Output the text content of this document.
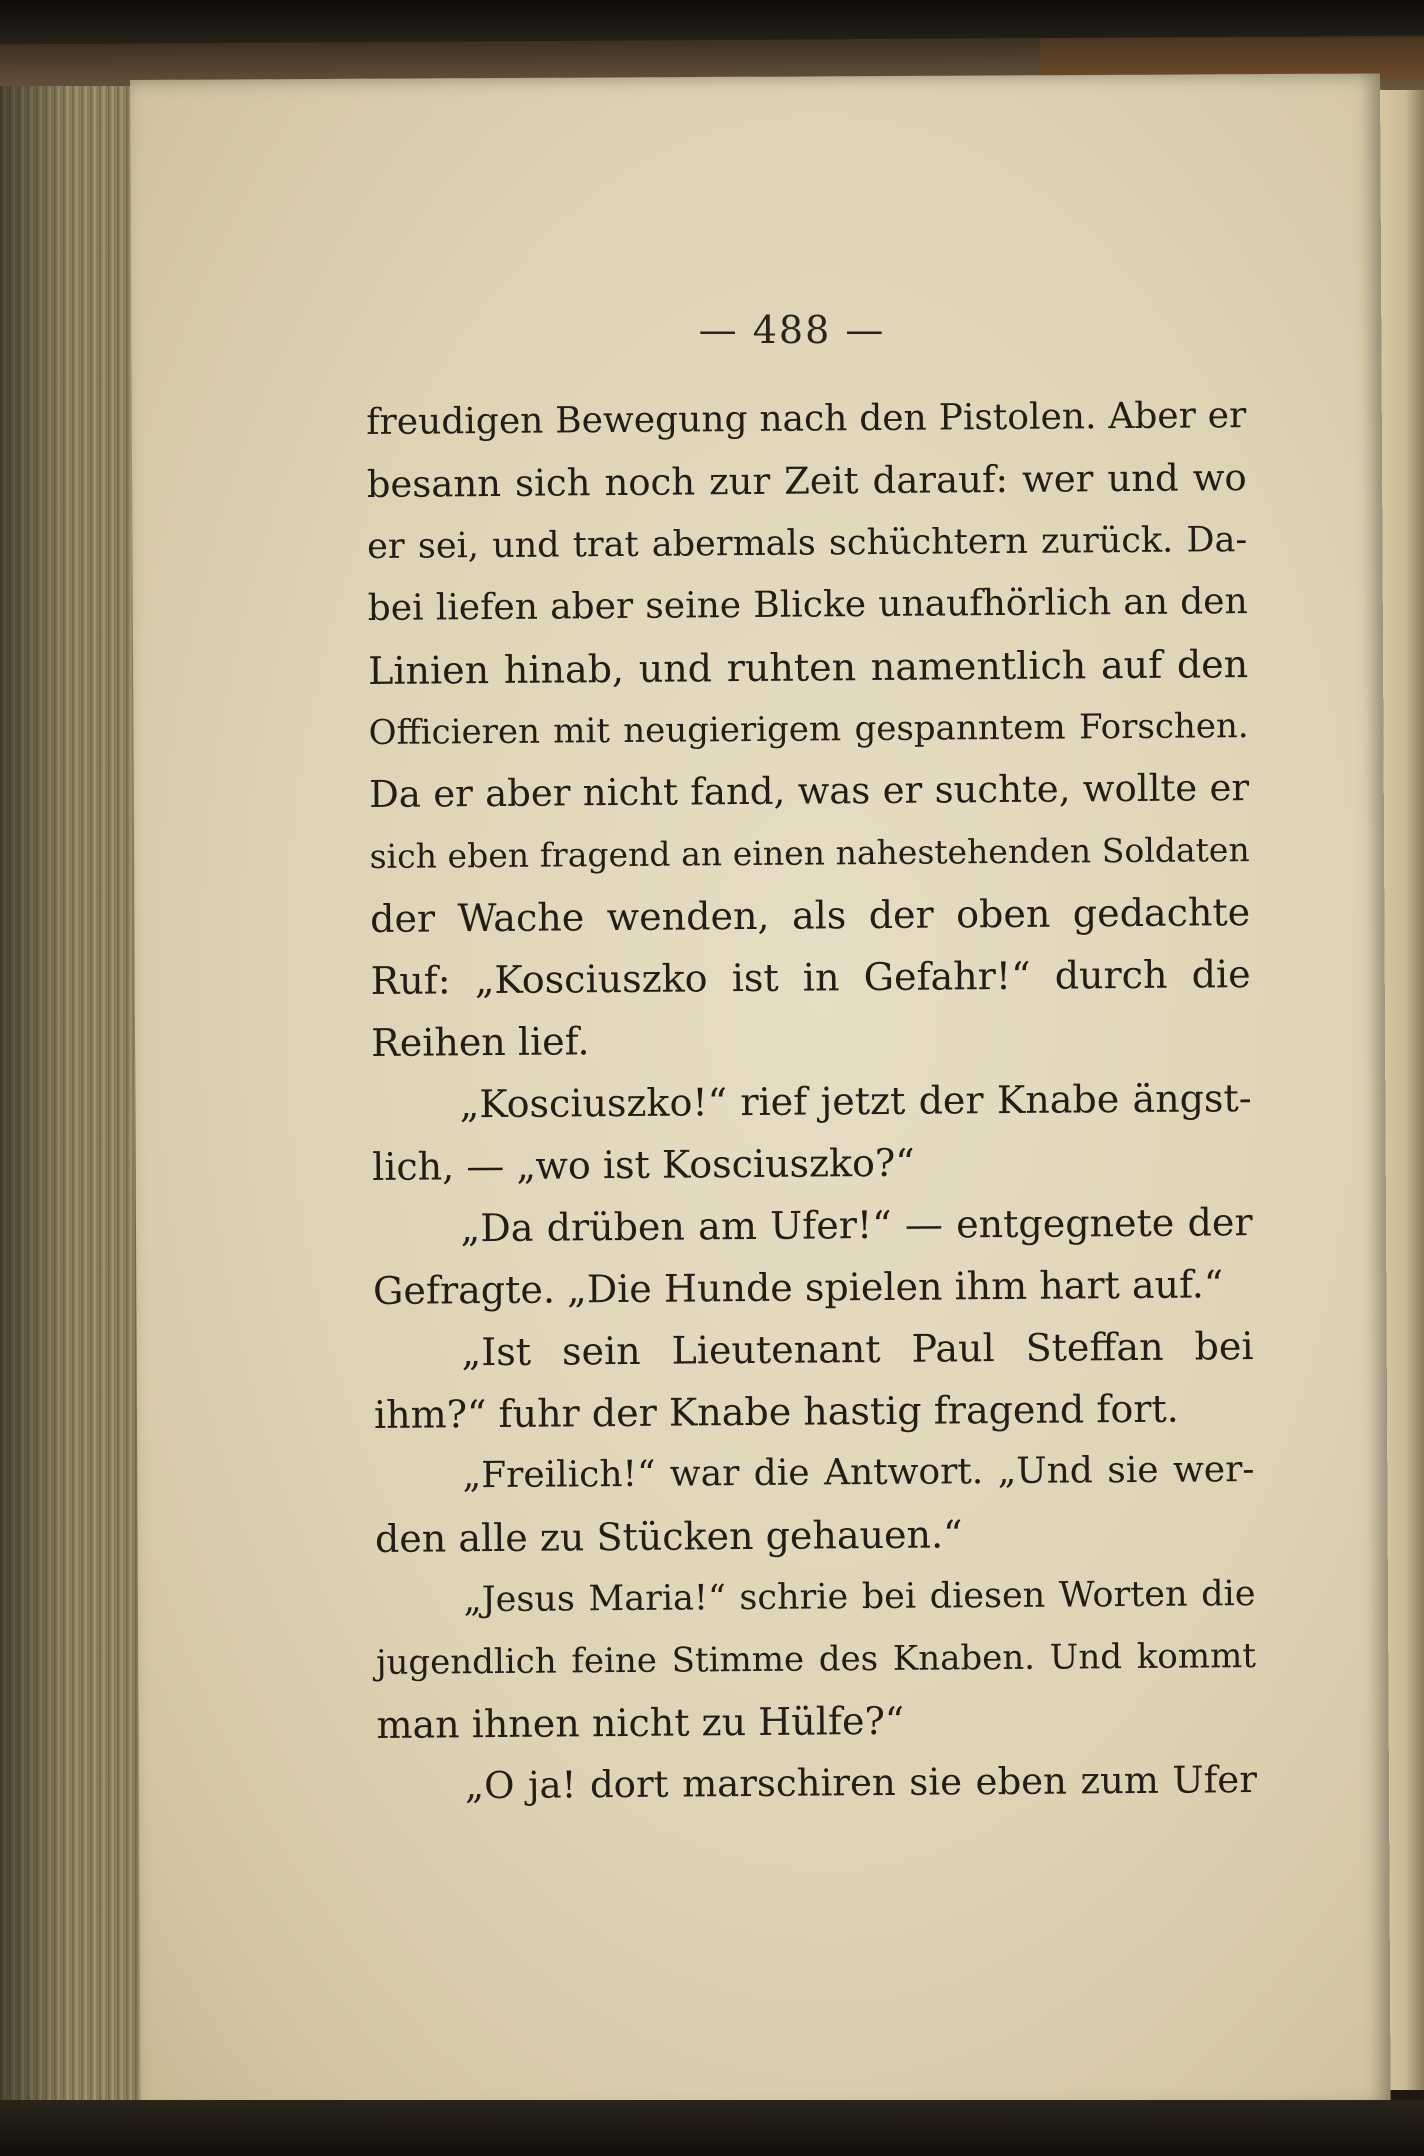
— 488 —
freudigen Bewegung nach den Pistolen. Aber er
besann sich noch zur Zeit darauf: wer und wo
er sei, und trat abermals schüchtern zurück. Da-
bei liefen aber seine Blicke unaufhörlich an den
Linien hinab, und ruhten namentlich auf den
Officieren mit neugierigem gespanntem Forschen.
Da er aber nicht fand, was er suchte, wollte er
sich eben fragend an einen nahestehenden Soldaten
der Wache wenden, als der oben gedachte
Ruf: „Kosciuszko ist in Gefahr!“ durch die
Reihen lief.
„Kosciuszko!“ rief jetzt der Knabe ängst-
lich, — „wo ist Kosciuszko?“
„Da drüben am Ufer!“ — entgegnete der
Gefragte. „Die Hunde spielen ihm hart auf.“
„Ist sein Lieutenant Paul Steffan bei
ihm?“ fuhr der Knabe hastig fragend fort.
„Freilich!“ war die Antwort. „Und sie wer-
den alle zu Stücken gehauen.“
„Jesus Maria!“ schrie bei diesen Worten die
jugendlich feine Stimme des Knaben. Und kommt
man ihnen nicht zu Hülfe?“
„O ja! dort marschiren sie eben zum Ufer
